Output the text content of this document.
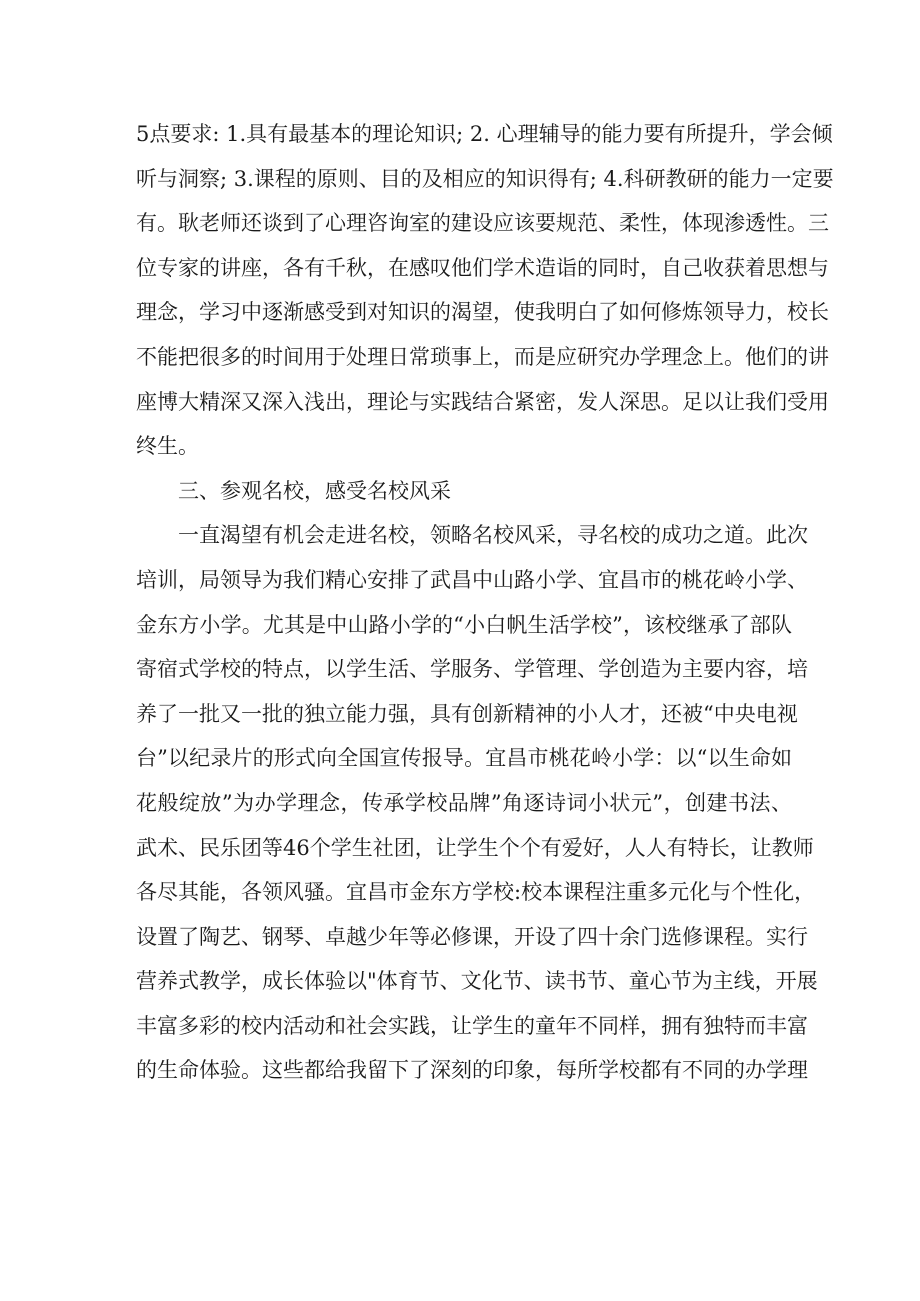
5点要求: 1.具有最基本的理论知识; 2. 心理辅导的能力要有所提升，学会倾
听与洞察; 3.课程的原则、目的及相应的知识得有; 4.科研教研的能力一定要
有。耿老师还谈到了心理咨询室的建设应该要规范、柔性，体现渗透性。三
位专家的讲座，各有千秋，在感叹他们学术造诣的同时，自己收获着思想与
理念，学习中逐渐感受到对知识的渴望，使我明白了如何修炼领导力，校长
不能把很多的时间用于处理日常琐事上，而是应研究办学理念上。他们的讲
座博大精深又深入浅出，理论与实践结合紧密，发人深思。足以让我们受用
终生。
三、参观名校，感受名校风采
一直渴望有机会走进名校，领略名校风采，寻名校的成功之道。此次
培训，局领导为我们精心安排了武昌中山路小学、宜昌市的桃花岭小学、
金东方小学。尤其是中山路小学的“小白帆生活学校”，该校继承了部队
寄宿式学校的特点，以学生活、学服务、学管理、学创造为主要内容，培
养了一批又一批的独立能力强，具有创新精神的小人才，还被“中央电视
台”以纪录片的形式向全国宣传报导。宜昌市桃花岭小学：以“以生命如
花般绽放”为办学理念，传承学校品牌”角逐诗词小状元”，创建书法、
武术、民乐团等46个学生社团，让学生个个有爱好，人人有特长，让教师
各尽其能，各领风骚。宜昌市金东方学校:校本课程注重多元化与个性化，
设置了陶艺、钢琴、卓越少年等必修课，开设了四十余门选修课程。实行
营养式教学，成长体验以"体育节、文化节、读书节、童心节为主线，开展
丰富多彩的校内活动和社会实践，让学生的童年不同样，拥有独特而丰富
的生命体验。这些都给我留下了深刻的印象，每所学校都有不同的办学理
